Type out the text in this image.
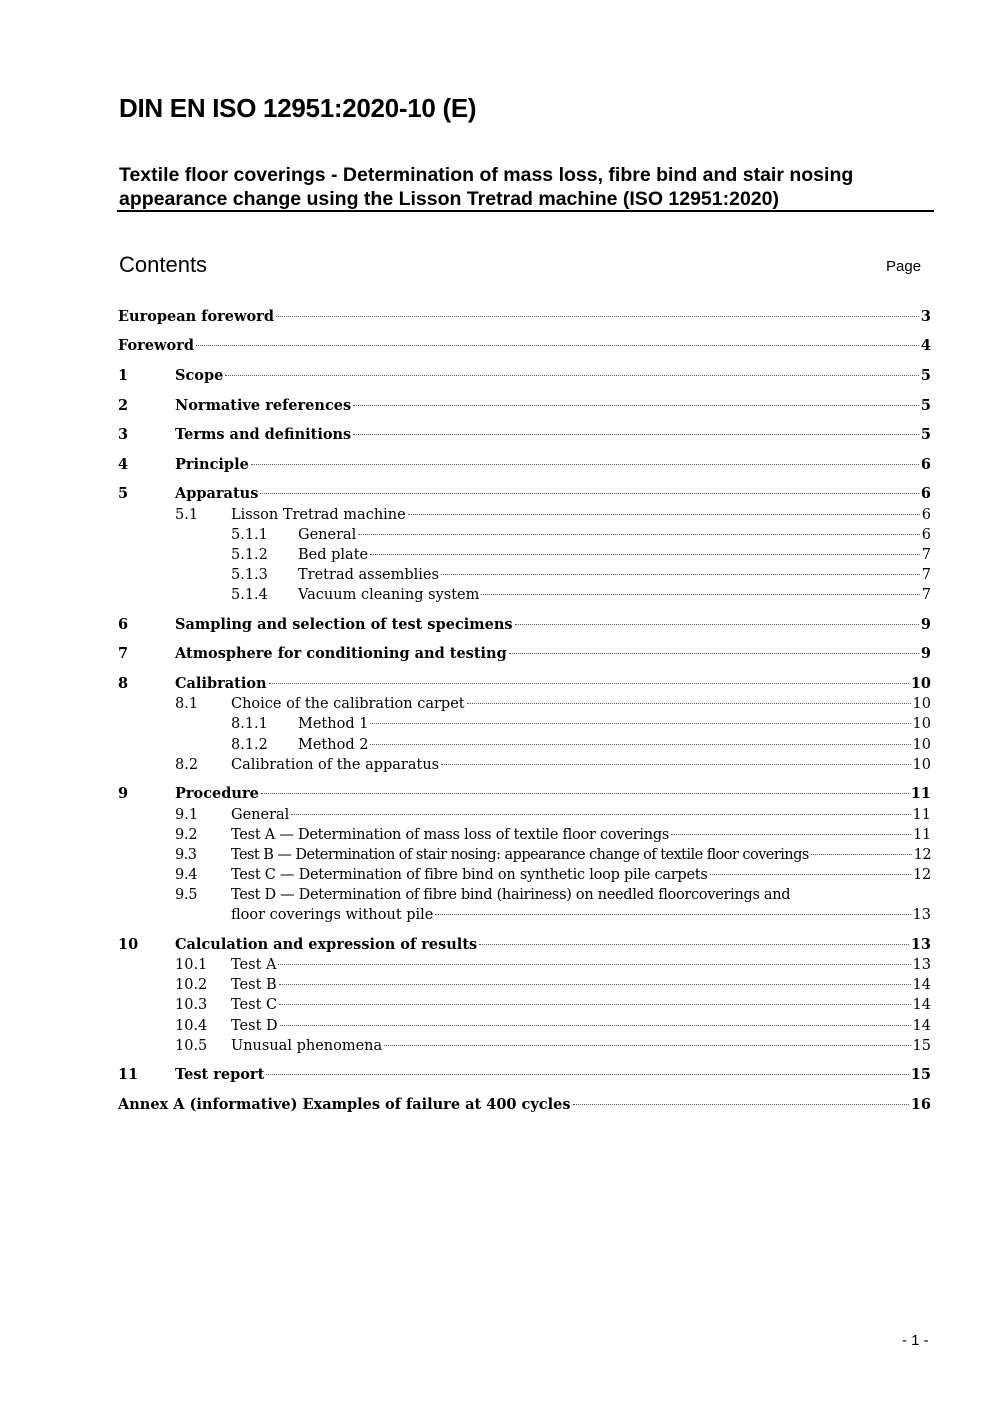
DIN EN ISO 12951:2020-10 (E)
Textile floor coverings - Determination of mass loss, fibre bind and stair nosing
appearance change using the Lisson Tretrad machine (ISO 12951:2020)
Contents	Page
European foreword	3
Foreword	4
1	Scope	5
2	Normative references	5
3	Terms and definitions	5
4	Principle	6
5	Apparatus	6
5.1 Lisson Tretrad machine	6
5.1.1 General	6
5.1.2 Bed plate	7
5.1.3 Tretrad assemblies	7
5.1.4 Vacuum cleaning system	7
6	Sampling and selection of test specimens	9
7	Atmosphere for conditioning and testing	9
8	Calibration	10
8.1 Choice of the calibration carpet	10
8.1.1 Method 1	10
8.1.2 Method 2	10
8.2 Calibration of the apparatus	10
9	Procedure	11
9.1 General	11
9.2 Test A — Determination of mass loss of textile floor coverings	11
9.3 Test B — Determination of stair nosing: appearance change of textile floor coverings	12
9.4 Test C — Determination of fibre bind on synthetic loop pile carpets	12
9.5 Test D — Determination of fibre bind (hairiness) on needled floorcoverings and
floor coverings without pile	13
10	Calculation and expression of results	13
10.1 Test A	13
10.2 Test B	14
10.3 Test C	14
10.4 Test D	14
10.5 Unusual phenomena	15
11	Test report	15
Annex A (informative) Examples of failure at 400 cycles	16
- 1 -
